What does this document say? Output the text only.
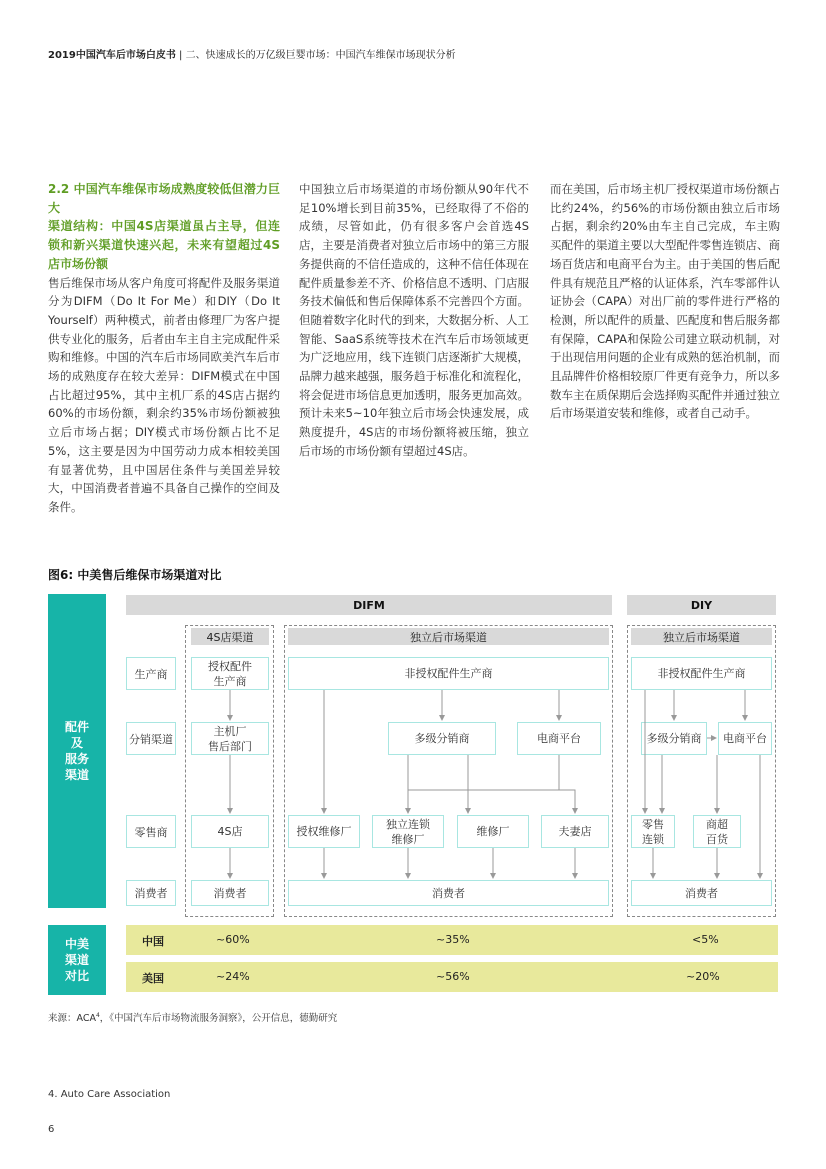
2019中国汽车后市场白皮书 | 二、快速成长的万亿级巨婴市场：中国汽车维保市场现状分析
2.2 中国汽车维保市场成熟度较低但潜力巨大
渠道结构：中国4S店渠道虽占主导，但连锁和新兴渠道快速兴起，未来有望超过4S店市场份额
售后维保市场从客户角度可将配件及服务渠道分为DIFM（Do It For Me）和DIY（Do It Yourself）两种模式，前者由修理厂为客户提供专业化的服务，后者由车主自主完成配件采购和维修。中国的汽车后市场同欧美汽车后市场的成熟度存在较大差异：DIFM模式在中国占比超过95%，其中主机厂系的4S店占据约60%的市场份额，剩余约35%市场份额被独立后市场占据；DIY模式市场份额占比不足5%，这主要是因为中国劳动力成本相较美国有显著优势，且中国居住条件与美国差异较大，中国消费者普遍不具备自己操作的空间及条件。
中国独立后市场渠道的市场份额从90年代不足10%增长到目前35%，已经取得了不俗的成绩，尽管如此，仍有很多客户会首选4S店，主要是消费者对独立后市场中的第三方服务提供商的不信任造成的，这种不信任体现在配件质量参差不齐、价格信息不透明、门店服务技术偏低和售后保障体系不完善四个方面。但随着数字化时代的到来，大数据分析、人工智能、SaaS系统等技术在汽车后市场领域更为广泛地应用，线下连锁门店逐渐扩大规模，品牌力越来越强，服务趋于标准化和流程化，将会促进市场信息更加透明，服务更加高效。预计未来5~10年独立后市场会快速发展，成熟度提升，4S店的市场份额将被压缩，独立后市场的市场份额有望超过4S店。
而在美国，后市场主机厂授权渠道市场份额占比约24%，约56%的市场份额由独立后市场占据，剩余约20%由车主自己完成，车主购买配件的渠道主要以大型配件零售连锁店、商场百货店和电商平台为主。由于美国的售后配件具有规范且严格的认证体系，汽车零部件认证协会（CAPA）对出厂前的零件进行严格的检测，所以配件的质量、匹配度和售后服务都有保障，CAPA和保险公司建立联动机制，对于出现信用问题的企业有成熟的惩治机制，而且品牌件价格相较原厂件更有竞争力，所以多数车主在质保期后会选择购买配件并通过独立后市场渠道安装和维修，或者自己动手。
图6: 中美售后维保市场渠道对比
配件
及
服务
渠道
DIFM	DIY
4S店渠道	独立后市场渠道	独立后市场渠道
生产商
分销渠道
零售商
消费者
授权配件
生产商
主机厂
售后部门
4S店
消费者
非授权配件生产商
多级分销商	电商平台
授权维修厂
独立连锁
维修厂
维修厂	夫妻店
消费者
非授权配件生产商
多级分销商	电商平台
零售
连锁
商超
百货
消费者
中美
渠道
对比
中国	~60%	~35%	<5%
美国	~24%	~56%	~20%
来源：ACA$^4$，《中国汽车后市场物流服务洞察》，公开信息，德勤研究
4. Auto Care Association
6
